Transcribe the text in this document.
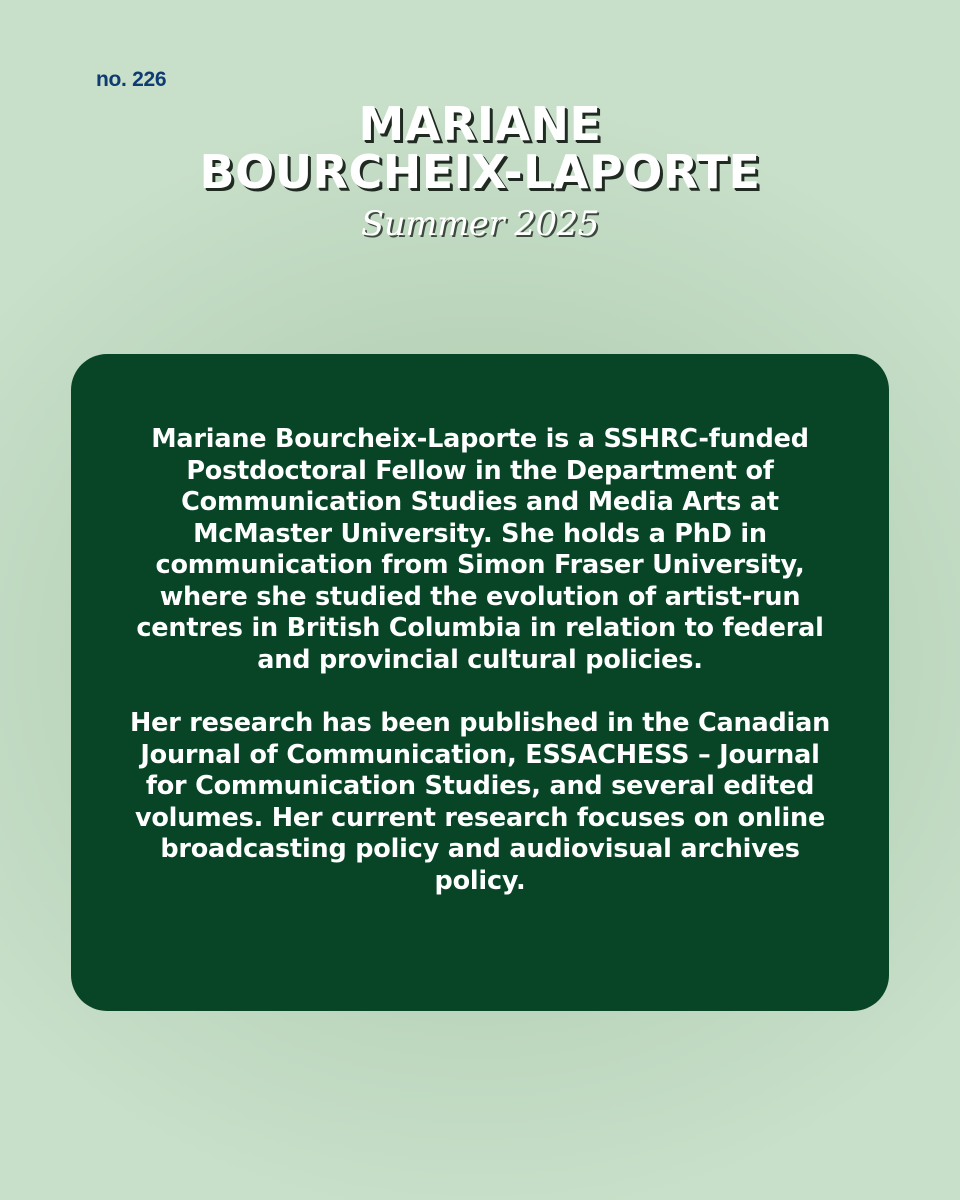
no. 226

MARIANE
BOURCHEIX-LAPORTE
Summer 2025

Mariane Bourcheix-Laporte is a SSHRC-funded Postdoctoral Fellow in the Department of Communication Studies and Media Arts at McMaster University. She holds a PhD in communication from Simon Fraser University, where she studied the evolution of artist-run centres in British Columbia in relation to federal and provincial cultural policies.

Her research has been published in the Canadian Journal of Communication, ESSACHESS – Journal for Communication Studies, and several edited volumes. Her current research focuses on online broadcasting policy and audiovisual archives policy.
